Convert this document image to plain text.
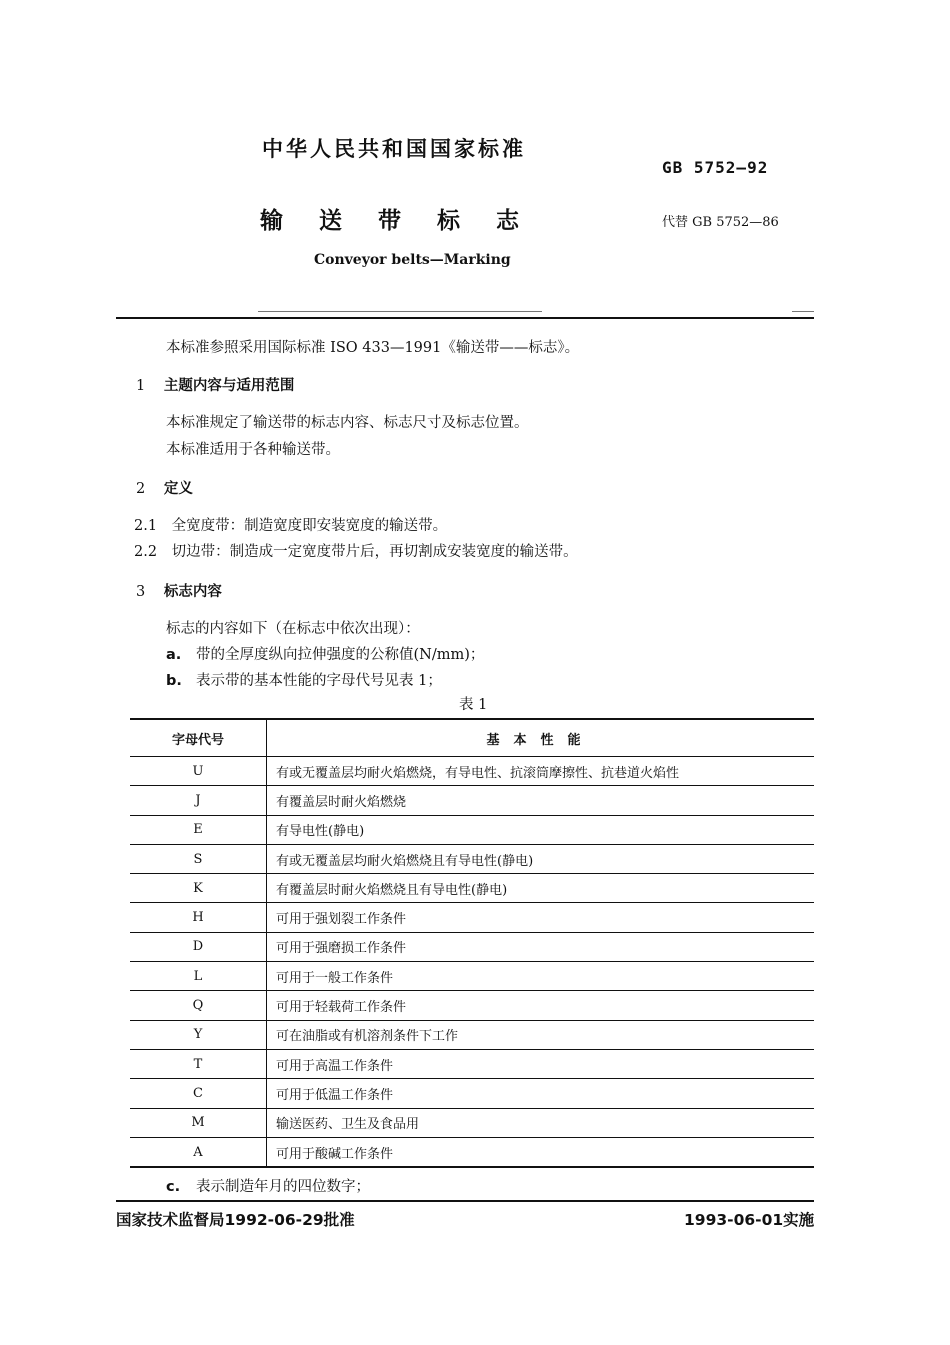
中华人民共和国国家标准
GB 5752—92
输送带标志	代替 GB 5752—86
Conveyor belts—Marking
本标准参照采用国际标准 ISO 433—1991《输送带——标志》。
1 主题内容与适用范围
本标准规定了输送带的标志内容、标志尺寸及标志位置。
本标准适用于各种输送带。
2 定义
2.1 全宽度带：制造宽度即安装宽度的输送带。
2.2 切边带：制造成一定宽度带片后，再切割成安装宽度的输送带。
3 标志内容
标志的内容如下（在标志中依次出现）：
a. 带的全厚度纵向拉伸强度的公称值(N/mm)；
b. 表示带的基本性能的字母代号见表 1；
表 1
字母代号	基本性能
U	有或无覆盖层均耐火焰燃烧，有导电性、抗滚筒摩擦性、抗巷道火焰性
J	有覆盖层时耐火焰燃烧
E	有导电性(静电)
S	有或无覆盖层均耐火焰燃烧且有导电性(静电)
K	有覆盖层时耐火焰燃烧且有导电性(静电)
H	可用于强划裂工作条件
D	可用于强磨损工作条件
L	可用于一般工作条件
Q	可用于轻载荷工作条件
Y	可在油脂或有机溶剂条件下工作
T	可用于高温工作条件
C	可用于低温工作条件
M	输送医药、卫生及食品用
A	可用于酸碱工作条件
c. 表示制造年月的四位数字；
国家技术监督局1992-06-29批准	1993-06-01实施
